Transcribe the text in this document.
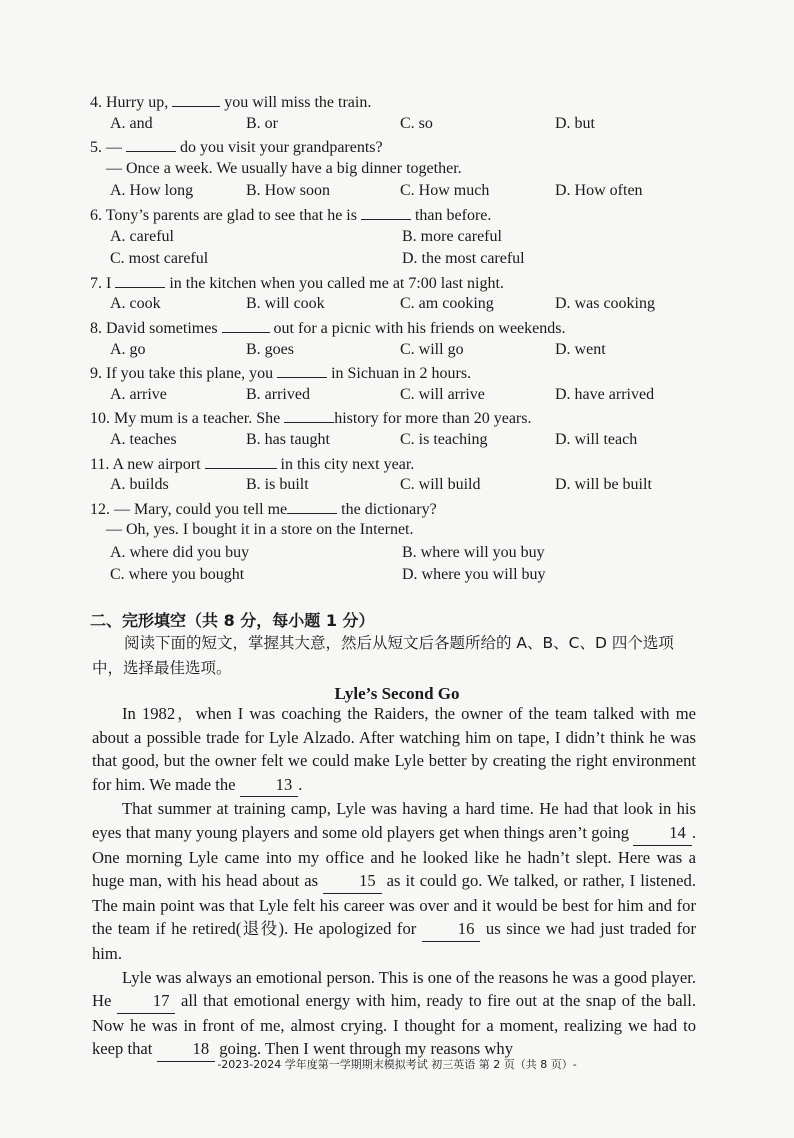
4. Hurry up,	you will miss the train.
A. and	B. or	C. so	D. but
5. —	do you visit your grandparents?
— Once a week. We usually have a big dinner together.
A. How long	B. How soon	C. How much	D. How often
6. Tony’s parents are glad to see that he is	than before.
A. careful	B. more careful
C. most careful	D. the most careful
7. I	in the kitchen when you called me at 7:00 last night.
A. cook	B. will cook	C. am cooking	D. was cooking
8. David sometimes	out for a picnic with his friends on weekends.
A. go	B. goes	C. will go	D. went
9. If you take this plane, you	in Sichuan in 2 hours.
A. arrive	B. arrived	C. will arrive	D. have arrived
10. My mum is a teacher. She	history for more than 20 years.
A. teaches	B. has taught	C. is teaching	D. will teach
11. A new airport	in this city next year.
A. builds	B. is built	C. will build	D. will be built
12. — Mary, could you tell me	the dictionary?
— Oh, yes. I bought it in a store on the Internet.
A. where did you buy	B. where will you buy
C. where you bought	D. where you will buy
二、完形填空（共 8 分，每小题 1 分）
阅读下面的短文，掌握其大意，然后从短文后各题所给的 A、B、C、D 四个选项中，选择最佳选项。
Lyle’s Second Go

In 1982，when I was coaching the Raiders, the owner of the team talked with me about a possible trade for Lyle Alzado. After watching him on tape, I didn’t think he was that good, but the owner felt we could make Lyle better by creating the right environment for him. We made the 13 .

That summer at training camp, Lyle was having a hard time. He had that look in his eyes that many young players and some old players get when things aren’t going 14 . One morning Lyle came into my office and he looked like he hadn’t slept. Here was a huge man, with his head about as 15 as it could go. We talked, or rather, I listened. The main point was that Lyle felt his career was over and it would be best for him and for the team if he retired(退役). He apologized for 16 us since we had just traded for him.

Lyle was always an emotional person. This is one of the reasons he was a good player. He 17 all that emotional energy with him, ready to fire out at the snap of the ball. Now he was in front of me, almost crying. I thought for a moment, realizing we had to keep that 18 going. Then I went through my reasons why

-2023-2024 学年度第一学期期末模拟考试 初三英语 第 2 页（共 8 页）-
